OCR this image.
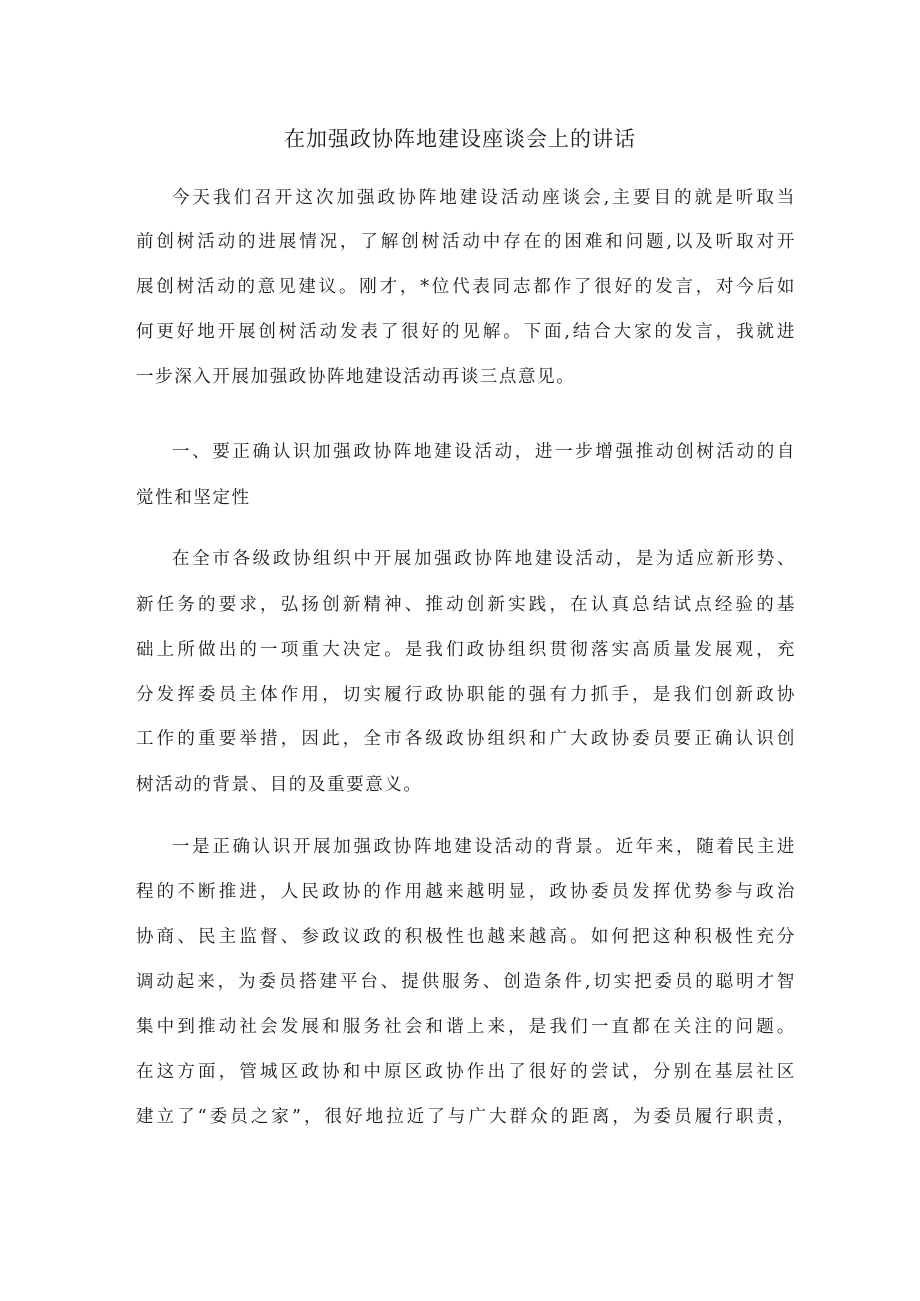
在加强政协阵地建设座谈会上的讲话

今天我们召开这次加强政协阵地建设活动座谈会,主要目的就是听取当

前创树活动的进展情况，了解创树活动中存在的困难和问题,以及听取对开

展创树活动的意见建议。刚才，*位代表同志都作了很好的发言，对今后如

何更好地开展创树活动发表了很好的见解。下面,结合大家的发言，我就进

一步深入开展加强政协阵地建设活动再谈三点意见。

一、要正确认识加强政协阵地建设活动，进一步增强推动创树活动的自

觉性和坚定性

在全市各级政协组织中开展加强政协阵地建设活动，是为适应新形势、

新任务的要求，弘扬创新精神、推动创新实践，在认真总结试点经验的基

础上所做出的一项重大决定。是我们政协组织贯彻落实高质量发展观，充

分发挥委员主体作用，切实履行政协职能的强有力抓手，是我们创新政协

工作的重要举措，因此，全市各级政协组织和广大政协委员要正确认识创

树活动的背景、目的及重要意义。

一是正确认识开展加强政协阵地建设活动的背景。近年来，随着民主进

程的不断推进，人民政协的作用越来越明显，政协委员发挥优势参与政治

协商、民主监督、参政议政的积极性也越来越高。如何把这种积极性充分

调动起来，为委员搭建平台、提供服务、创造条件,切实把委员的聪明才智

集中到推动社会发展和服务社会和谐上来，是我们一直都在关注的问题。

在这方面，管城区政协和中原区政协作出了很好的尝试，分别在基层社区

建立了“委员之家”，很好地拉近了与广大群众的距离，为委员履行职责，
